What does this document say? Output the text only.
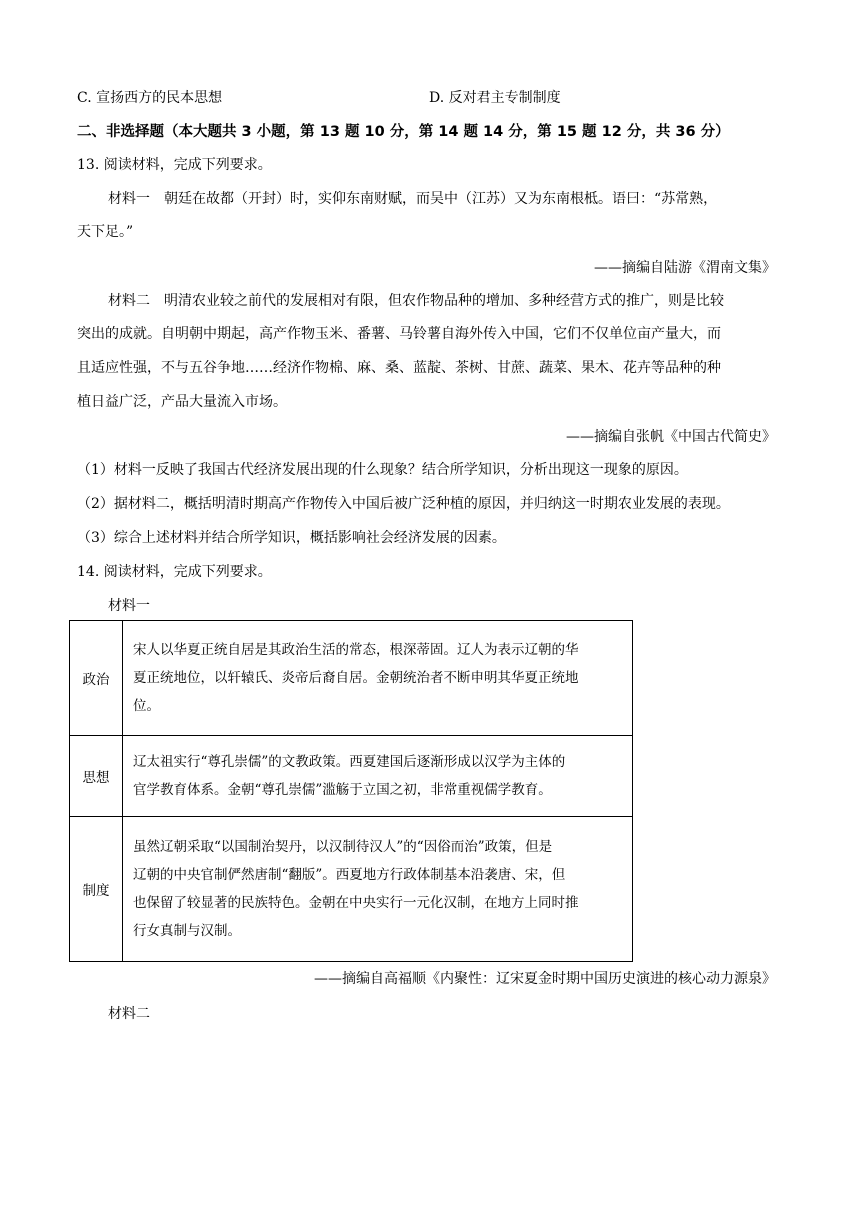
C. 宣扬西方的民本思想	D. 反对君主专制制度
二、非选择题（本大题共 3 小题，第 13 题 10 分，第 14 题 14 分，第 15 题 12 分，共 36 分）
13. 阅读材料，完成下列要求。
材料一　朝廷在故都（开封）时，实仰东南财赋，而吴中（江苏）又为东南根柢。语曰：“苏常熟，
天下足。”
——摘编自陆游《渭南文集》
材料二　明清农业较之前代的发展相对有限，但农作物品种的增加、多种经营方式的推广，则是比较
突出的成就。自明朝中期起，高产作物玉米、番薯、马铃薯自海外传入中国，它们不仅单位亩产量大，而
且适应性强，不与五谷争地……经济作物棉、麻、桑、蓝靛、茶树、甘蔗、蔬菜、果木、花卉等品种的种
植日益广泛，产品大量流入市场。
——摘编自张帆《中国古代简史》
（1）材料一反映了我国古代经济发展出现的什么现象？结合所学知识，分析出现这一现象的原因。
（2）据材料二，概括明清时期高产作物传入中国后被广泛种植的原因，并归纳这一时期农业发展的表现。
（3）综合上述材料并结合所学知识，概括影响社会经济发展的因素。
14. 阅读材料，完成下列要求。
材料一
政治	宋人以华夏正统自居是其政治生活的常态，根深蒂固。辽人为表示辽朝的华
夏正统地位，以轩辕氏、炎帝后裔自居。金朝统治者不断申明其华夏正统地
位。

思想	辽太祖实行“尊孔崇儒”的文教政策。西夏建国后逐渐形成以汉学为主体的
官学教育体系。金朝“尊孔崇儒”滥觞于立国之初，非常重视儒学教育。

制度	虽然辽朝采取“以国制治契丹，以汉制待汉人”的“因俗而治”政策，但是
辽朝的中央官制俨然唐制“翻版”。西夏地方行政体制基本沿袭唐、宋，但
也保留了较显著的民族特色。金朝在中央实行一元化汉制，在地方上同时推
行女真制与汉制。
——摘编自高福顺《内聚性：辽宋夏金时期中国历史演进的核心动力源泉》
材料二
